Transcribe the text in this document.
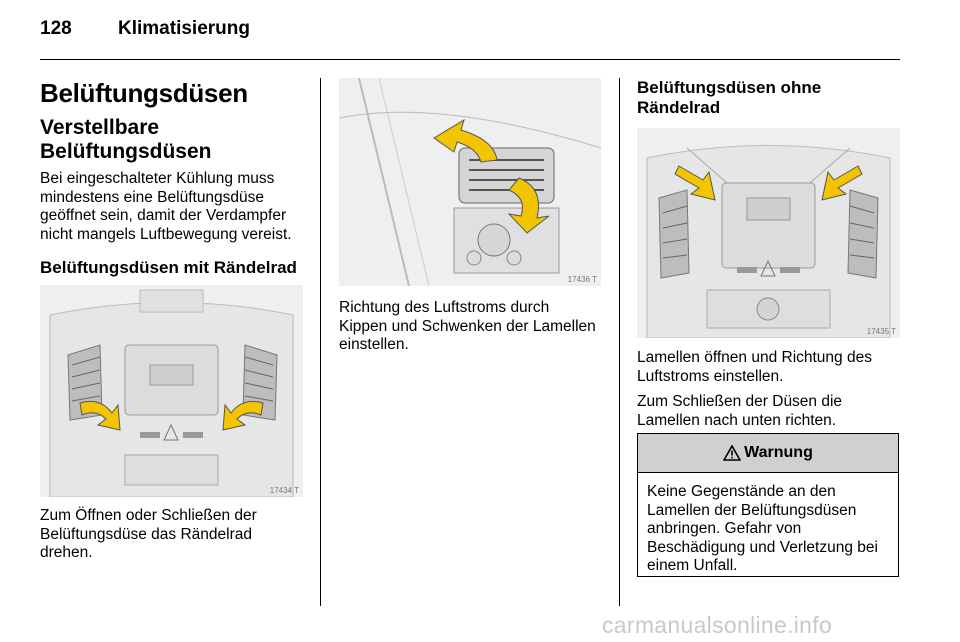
128 Klimatisierung
Belüftungsdüsen
Verstellbare Belüftungsdüsen

Bei eingeschalteter Kühlung muss mindestens eine Belüftungsdüse geöffnet sein, damit der Verdampfer nicht mangels Luftbewegung vereist.

Belüftungsdüsen mit Rändelrad
17434 T

Zum Öffnen oder Schließen der Belüftungsdüse das Rändelrad drehen.

17436 T

Richtung des Luftstroms durch Kippen und Schwenken der Lamellen einstellen.

Belüftungsdüsen ohne Rändelrad
17435 T

Lamellen öffnen und Richtung des Luftstroms einstellen.

Zum Schließen der Düsen die Lamellen nach unten richten.

Warnung
Keine Gegenstände an den Lamellen der Belüftungsdüsen anbringen. Gefahr von Beschädigung und Verletzung bei einem Unfall.
carmanualsonline.info
